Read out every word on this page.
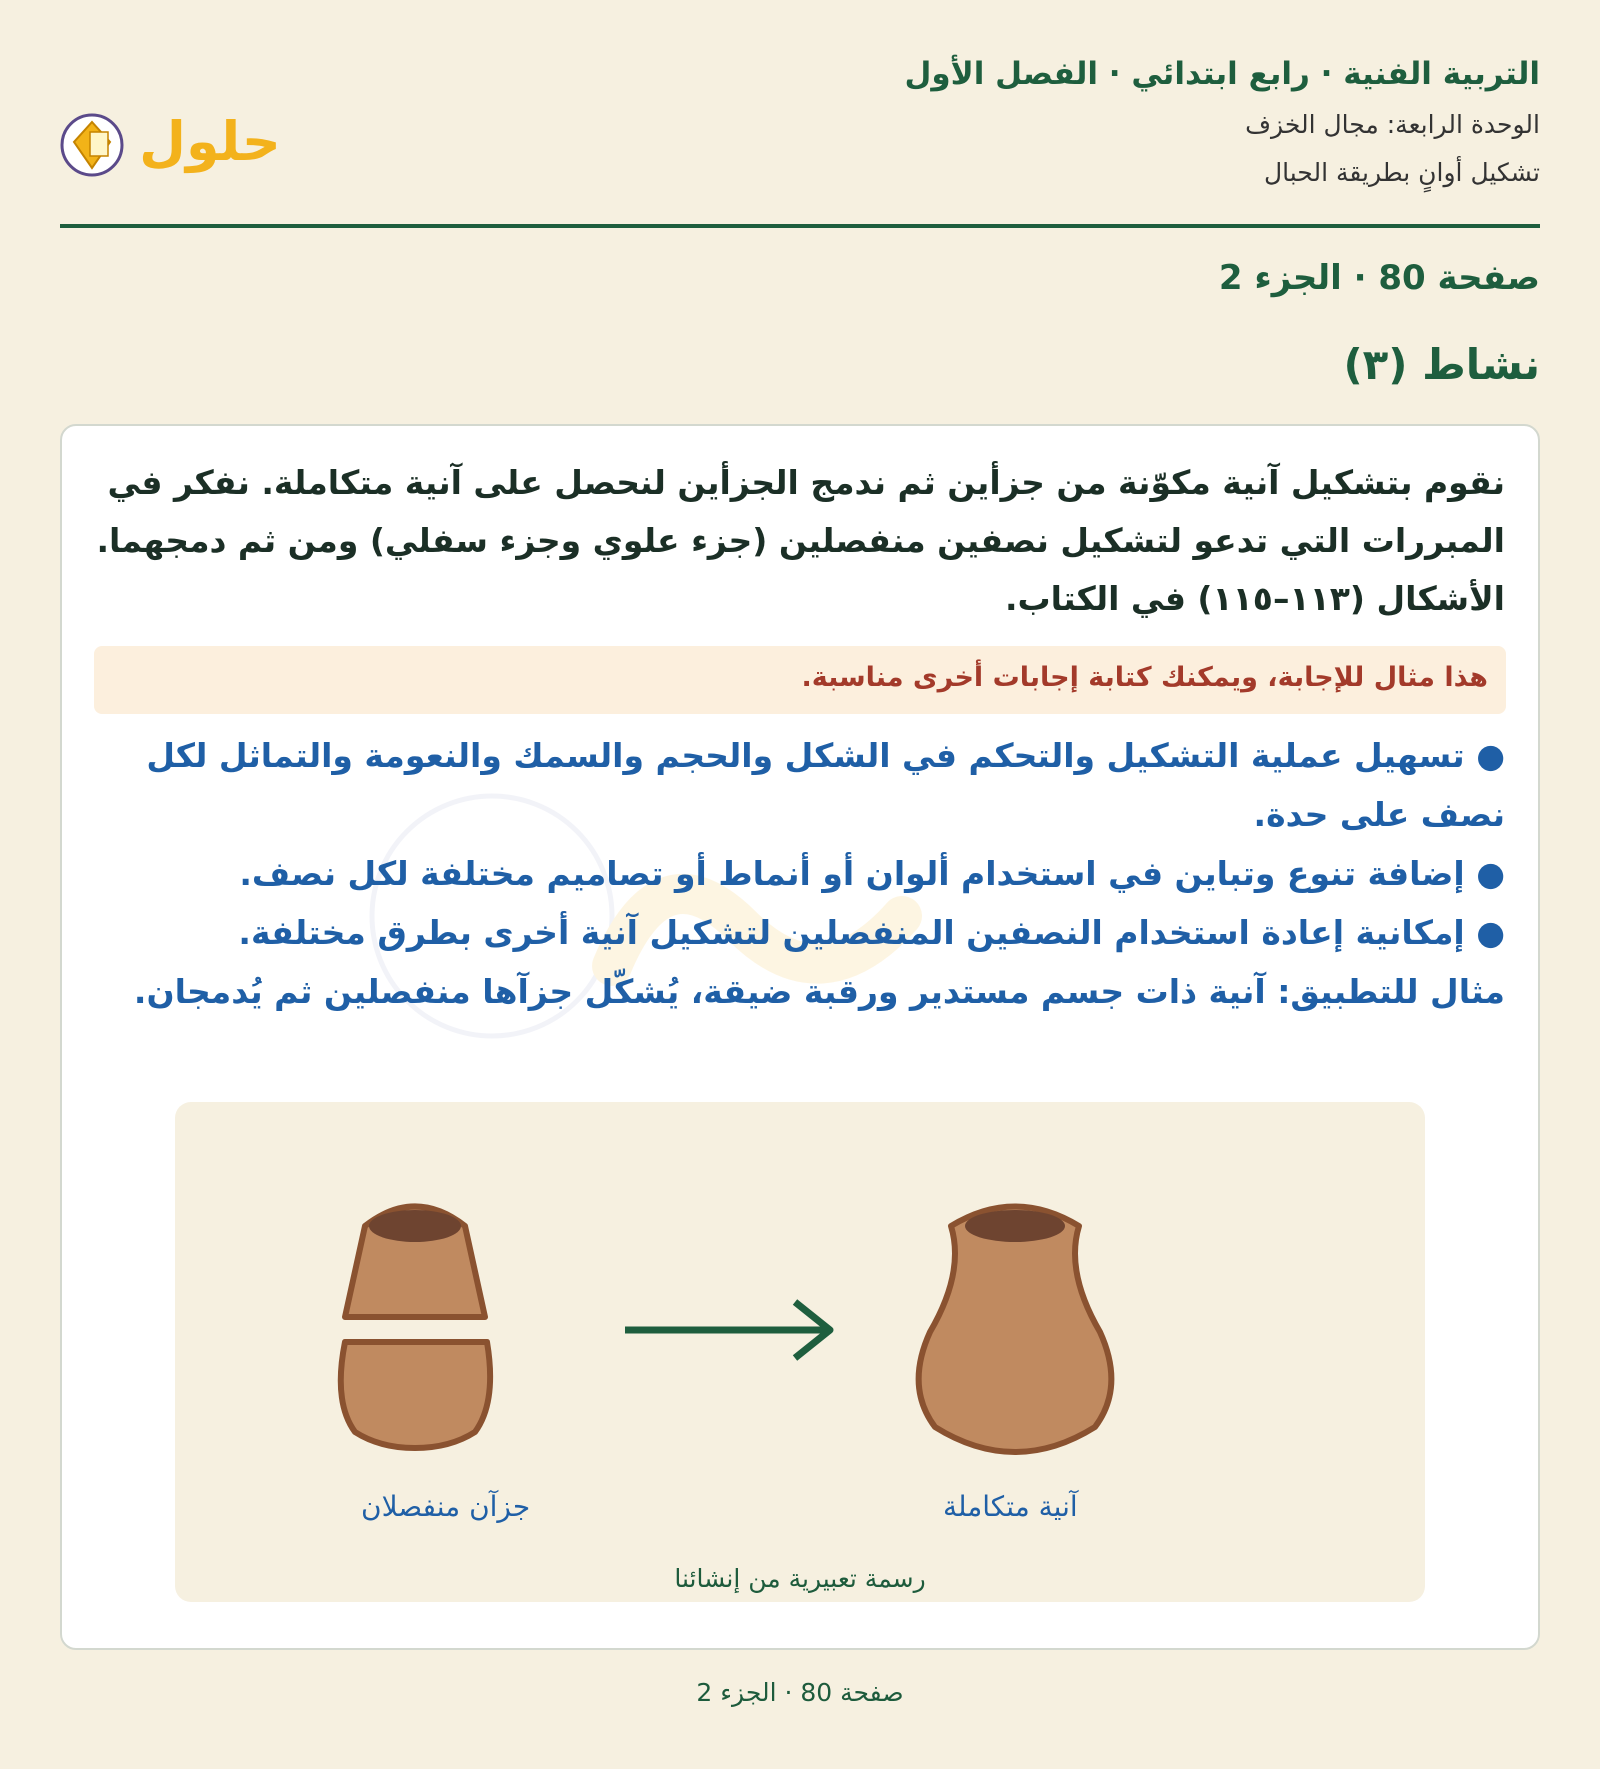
التربية الفنية · رابع ابتدائي · الفصل الأول
الوحدة الرابعة: مجال الخزف
تشكيل أوانٍ بطريقة الحبال
حلول
صفحة 80 · الجزء 2
نشاط (٣)
نقوم بتشكيل آنية مكوّنة من جزأين ثم ندمج الجزأين لنحصل على آنية متكاملة. نفكر في المبررات التي تدعو لتشكيل نصفين منفصلين (جزء علوي وجزء سفلي) ومن ثم دمجهما. الأشكال (١١٣–١١٥) في الكتاب.
هذا مثال للإجابة، ويمكنك كتابة إجابات أخرى مناسبة.
● تسهيل عملية التشكيل والتحكم في الشكل والحجم والسمك والنعومة والتماثل لكل نصف على حدة.
● إضافة تنوع وتباين في استخدام ألوان أو أنماط أو تصاميم مختلفة لكل نصف.
● إمكانية إعادة استخدام النصفين المنفصلين لتشكيل آنية أخرى بطرق مختلفة.
مثال للتطبيق: آنية ذات جسم مستدير ورقبة ضيقة، يُشكّل جزآها منفصلين ثم يُدمجان.
جزآن منفصلان	آنية متكاملة
رسمة تعبيرية من إنشائنا
صفحة 80 · الجزء 2
